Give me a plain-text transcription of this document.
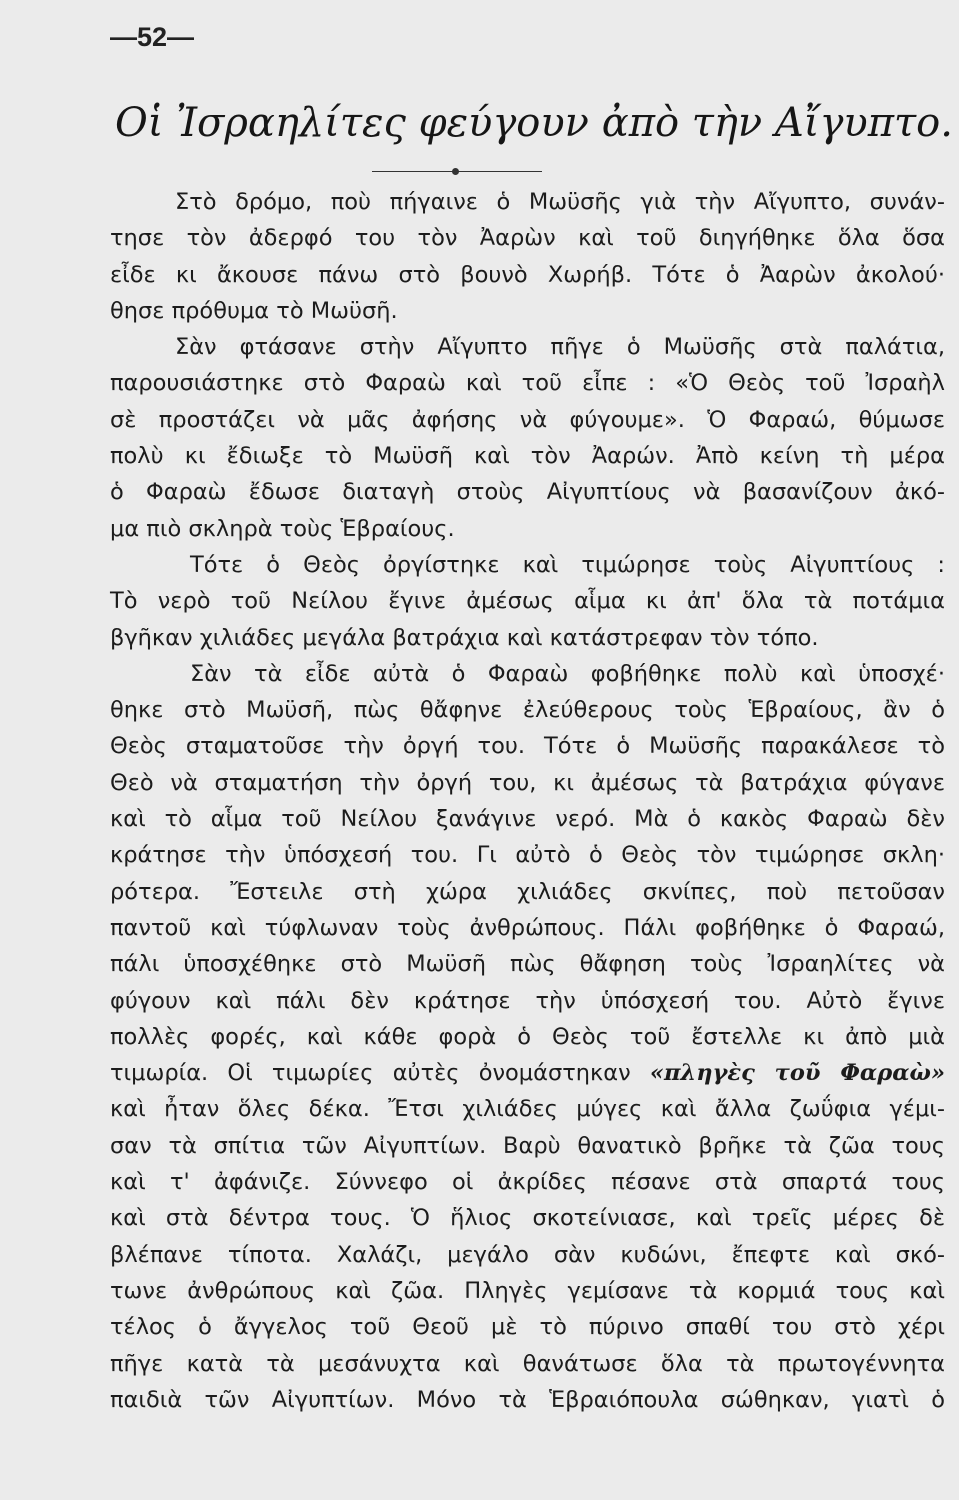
—52—
Οἱ Ἰσραηλίτες φεύγουν ἀπὸ τὴν Αἴγυπτο.
Στὸ δρόμο, ποὺ πήγαινε ὁ Μωϋσῆς γιὰ τὴν Αἴγυπτο, συνάν-
τησε τὸν ἀδερφό του τὸν Ἀαρὼν καὶ τοῦ διηγήθηκε ὅλα ὅσα
εἶδε κι ἄκουσε πάνω στὸ βουνὸ Χωρήβ. Τότε ὁ Ἀαρὼν ἀκολού·
θησε πρόθυμα τὸ Μωϋσῆ.
Σὰν φτάσανε στὴν Αἴγυπτο πῆγε ὁ Μωϋσῆς στὰ παλάτια,
παρουσιάστηκε στὸ Φαραὼ καὶ τοῦ εἶπε : «Ὁ Θεὸς τοῦ Ἰσραὴλ
σὲ προστάζει νὰ μᾶς ἀφήσης νὰ φύγουμε». Ὁ Φαραώ, θύμωσε
πολὺ κι ἔδιωξε τὸ Μωϋσῆ καὶ τὸν Ἀαρών. Ἀπὸ κείνη τὴ μέρα
ὁ Φαραὼ ἔδωσε διαταγὴ στοὺς Αἰγυπτίους νὰ βασανίζουν ἀκό-
μα πιὸ σκληρὰ τοὺς Ἑβραίους.
Τότε ὁ Θεὸς ὀργίστηκε καὶ τιμώρησε τοὺς Αἰγυπτίους :
Τὸ νερὸ τοῦ Νείλου ἔγινε ἀμέσως αἷμα κι ἀπ' ὅλα τὰ ποτάμια
βγῆκαν χιλιάδες μεγάλα βατράχια καὶ κατάστρεφαν τὸν τόπο.
Σὰν τὰ εἶδε αὐτὰ ὁ Φαραὼ φοβήθηκε πολὺ καὶ ὑποσχέ·
θηκε στὸ Μωϋσῆ, πὼς θἄφηνε ἐλεύθερους τοὺς Ἑβραίους, ἂν ὁ
Θεὸς σταματοῦσε τὴν ὀργή του. Τότε ὁ Μωϋσῆς παρακάλεσε τὸ
Θεὸ νὰ σταματήση τὴν ὀργή του, κι ἀμέσως τὰ βατράχια φύγανε
καὶ τὸ αἷμα τοῦ Νείλου ξανάγινε νερό. Μὰ ὁ κακὸς Φαραὼ δὲν
κράτησε τὴν ὑπόσχεσή του. Γι αὐτὸ ὁ Θεὸς τὸν τιμώρησε σκλη·
ρότερα. Ἔστειλε στὴ χώρα χιλιάδες σκνίπες, ποὺ πετοῦσαν
παντοῦ καὶ τύφλωναν τοὺς ἀνθρώπους. Πάλι φοβήθηκε ὁ Φαραώ,
πάλι ὑποσχέθηκε στὸ Μωϋσῆ πὼς θἄφηση τοὺς Ἰσραηλίτες νὰ
φύγουν καὶ πάλι δὲν κράτησε τὴν ὑπόσχεσή του. Αὐτὸ ἔγινε
πολλὲς φορές, καὶ κάθε φορὰ ὁ Θεὸς τοῦ ἔστελλε κι ἀπὸ μιὰ
τιμωρία. Οἱ τιμωρίες αὐτὲς ὀνομάστηκαν «πληγὲς τοῦ Φαραὼ»
καὶ ἦταν ὅλες δέκα. Ἔτσι χιλιάδες μύγες καὶ ἄλλα ζωΰφια γέμι-
σαν τὰ σπίτια τῶν Αἰγυπτίων. Βαρὺ θανατικὸ βρῆκε τὰ ζῶα τους
καὶ τ' ἀφάνιζε. Σύννεφο οἱ ἀκρίδες πέσανε στὰ σπαρτά τους
καὶ στὰ δέντρα τους. Ὁ ἥλιος σκοτείνιασε, καὶ τρεῖς μέρες δὲ
βλέπανε τίποτα. Χαλάζι, μεγάλο σὰν κυδώνι, ἔπεφτε καὶ σκό-
τωνε ἀνθρώπους καὶ ζῶα. Πληγὲς γεμίσανε τὰ κορμιά τους καὶ
τέλος ὁ ἄγγελος τοῦ Θεοῦ μὲ τὸ πύρινο σπαθί του στὸ χέρι
πῆγε κατὰ τὰ μεσάνυχτα καὶ θανάτωσε ὅλα τὰ πρωτογέννητα
παιδιὰ τῶν Αἰγυπτίων. Μόνο τὰ Ἑβραιόπουλα σώθηκαν, γιατὶ ὁ
